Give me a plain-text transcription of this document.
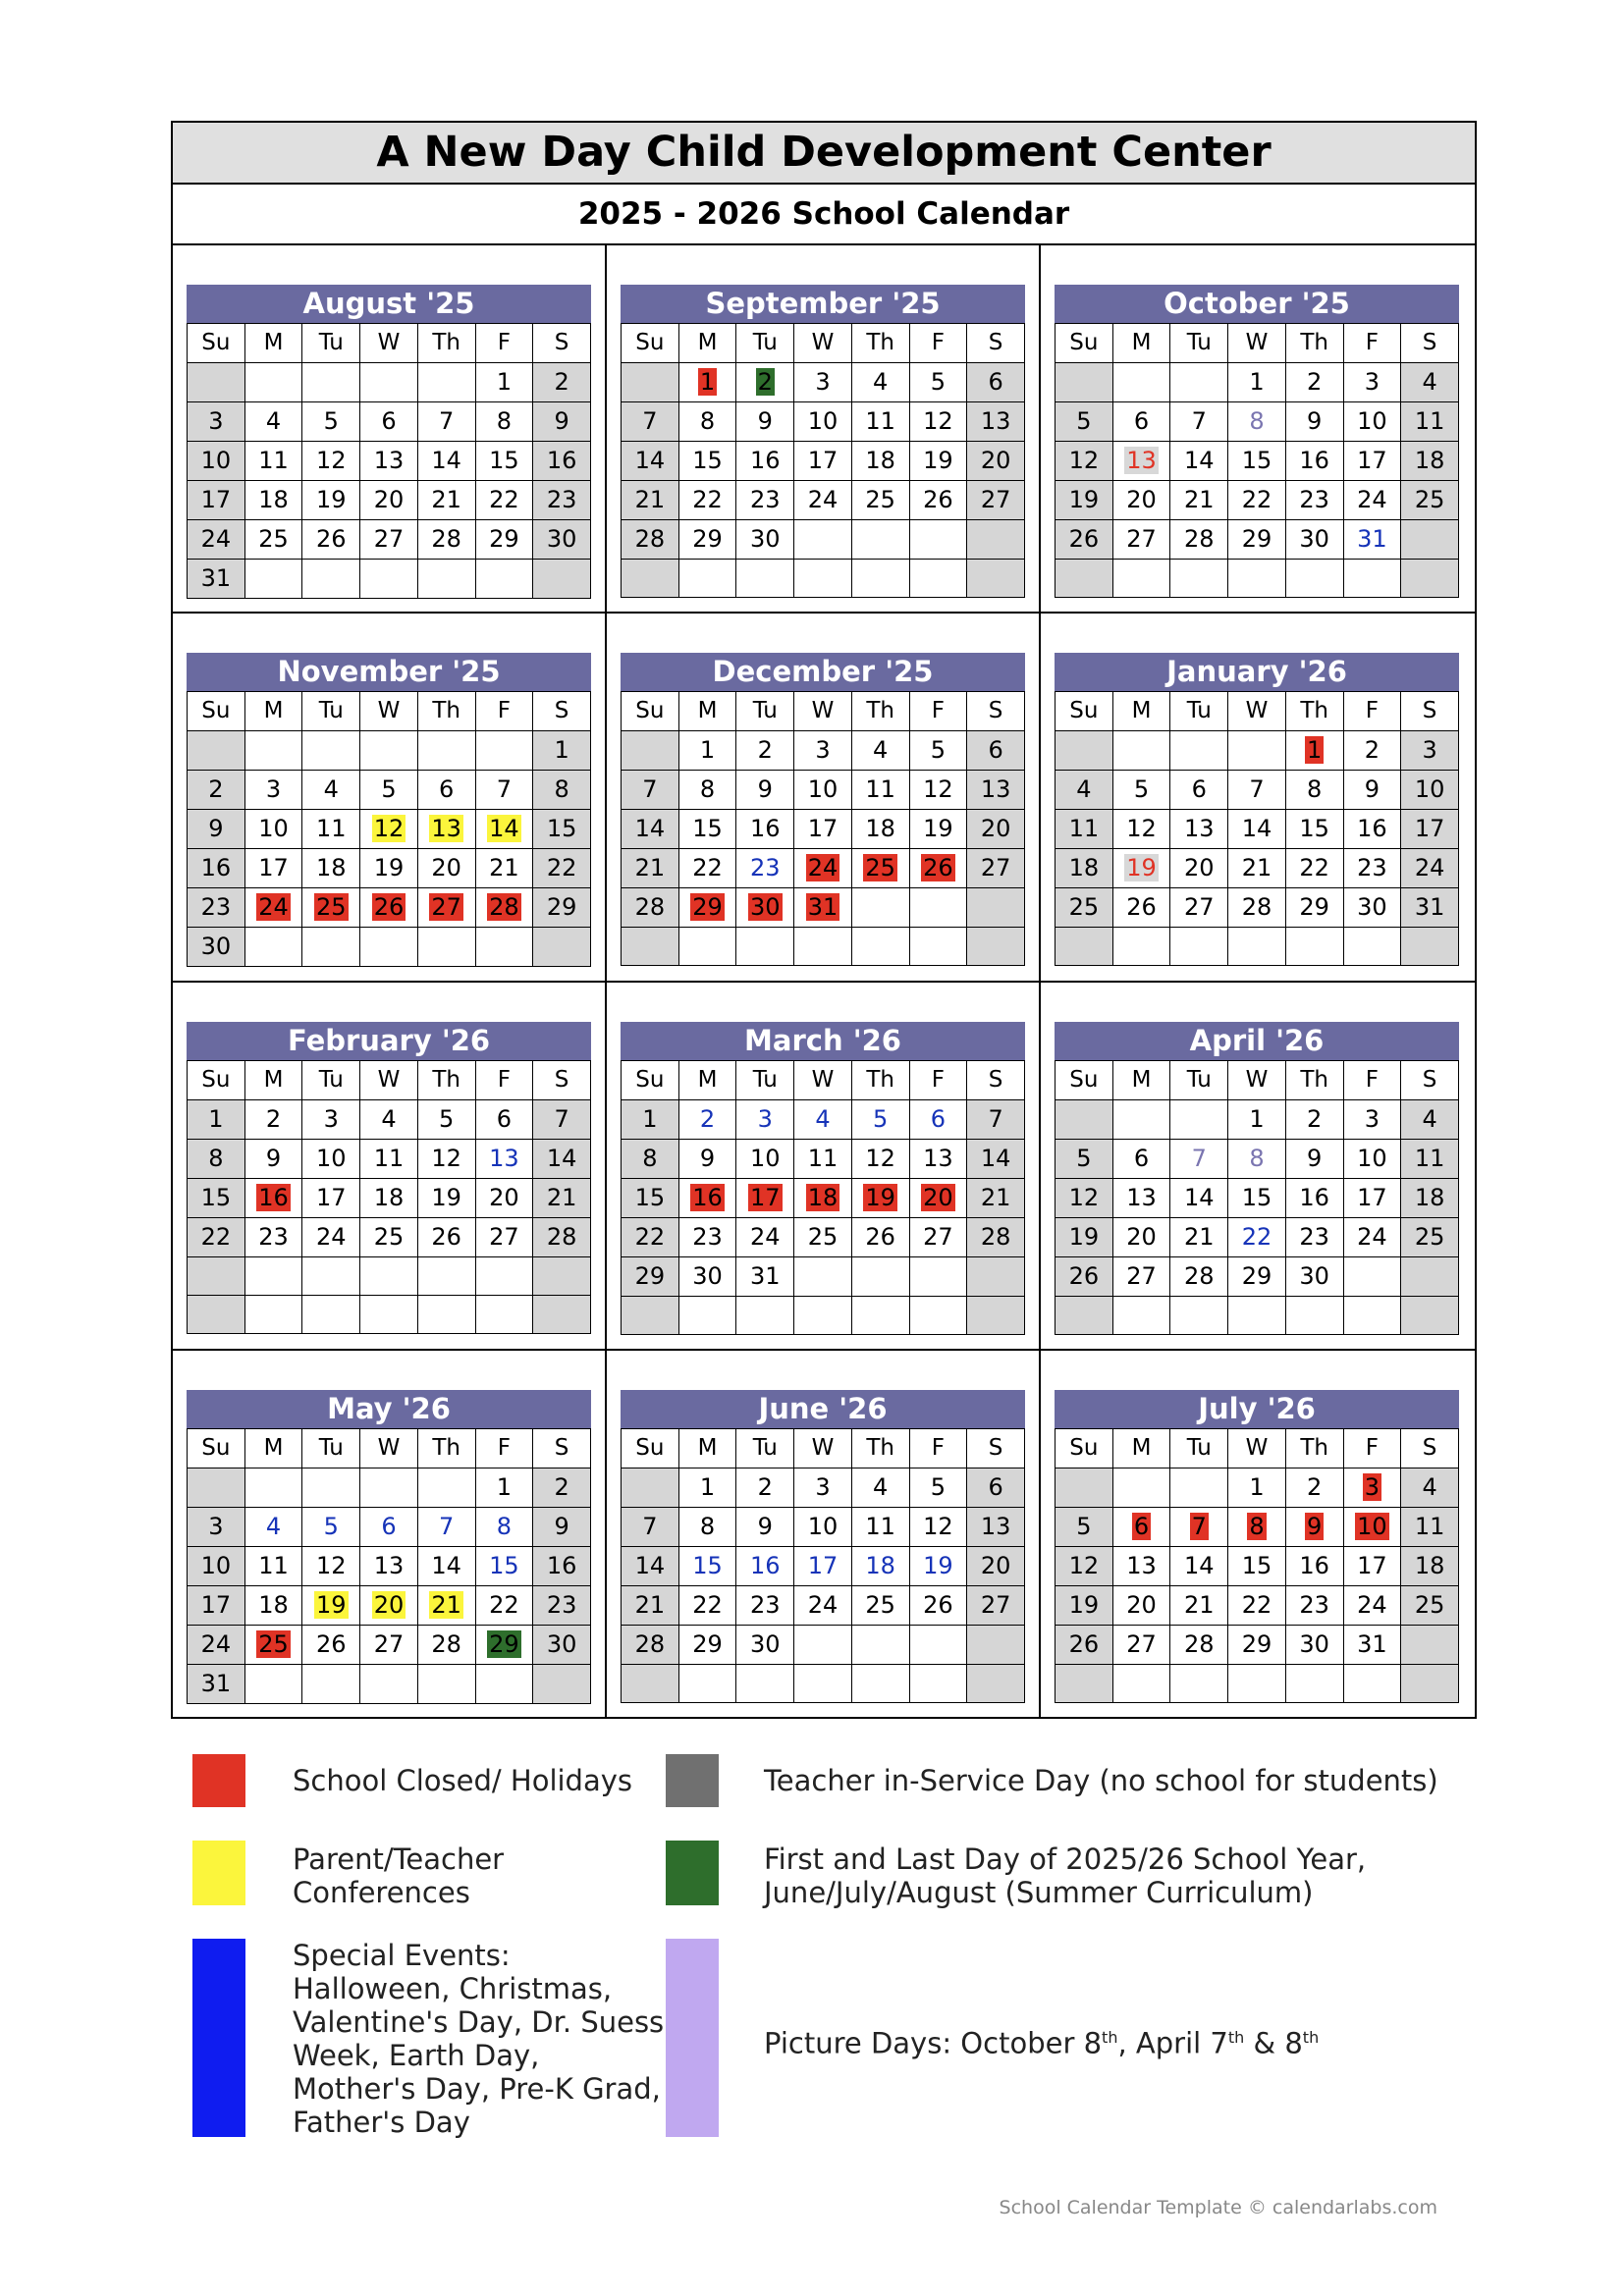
A New Day Child Development Center
2025 - 2026 School Calendar
August '25
Su	M	Tu	W	Th	F	S
					1	2
3	4	5	6	7	8	9
10	11	12	13	14	15	16
17	18	19	20	21	22	23
24	25	26	27	28	29	30
31						
September '25
Su	M	Tu	W	Th	F	S
	1	2	3	4	5	6
7	8	9	10	11	12	13
14	15	16	17	18	19	20
21	22	23	24	25	26	27
28	29	30				

October '25
Su	M	Tu	W	Th	F	S
			1	2	3	4
5	6	7	8	9	10	11
12	13	14	15	16	17	18
19	20	21	22	23	24	25
26	27	28	29	30	31	

November '25
Su	M	Tu	W	Th	F	S
						1
2	3	4	5	6	7	8
9	10	11	12	13	14	15
16	17	18	19	20	21	22
23	24	25	26	27	28	29
30						
December '25
Su	M	Tu	W	Th	F	S
	1	2	3	4	5	6
7	8	9	10	11	12	13
14	15	16	17	18	19	20
21	22	23	24	25	26	27
28	29	30	31			

January '26
Su	M	Tu	W	Th	F	S
				1	2	3
4	5	6	7	8	9	10
11	12	13	14	15	16	17
18	19	20	21	22	23	24
25	26	27	28	29	30	31

February '26
Su	M	Tu	W	Th	F	S
1	2	3	4	5	6	7
8	9	10	11	12	13	14
15	16	17	18	19	20	21
22	23	24	25	26	27	28

March '26
Su	M	Tu	W	Th	F	S
1	2	3	4	5	6	7
8	9	10	11	12	13	14
15	16	17	18	19	20	21
22	23	24	25	26	27	28
29	30	31				

April '26
Su	M	Tu	W	Th	F	S
			1	2	3	4
5	6	7	8	9	10	11
12	13	14	15	16	17	18
19	20	21	22	23	24	25
26	27	28	29	30		

May '26
Su	M	Tu	W	Th	F	S
					1	2
3	4	5	6	7	8	9
10	11	12	13	14	15	16
17	18	19	20	21	22	23
24	25	26	27	28	29	30
31						
June '26
Su	M	Tu	W	Th	F	S
	1	2	3	4	5	6
7	8	9	10	11	12	13
14	15	16	17	18	19	20
21	22	23	24	25	26	27
28	29	30				

July '26
Su	M	Tu	W	Th	F	S
			1	2	3	4
5	6	7	8	9	10	11
12	13	14	15	16	17	18
19	20	21	22	23	24	25
26	27	28	29	30	31	

School Closed/ Holidays	Teacher in-Service Day (no school for students)
Parent/Teacher
Conferences
First and Last Day of 2025/26 School Year,
June/July/August (Summer Curriculum)
Special Events:
Halloween, Christmas,
Valentine's Day, Dr. Suess
Week, Earth Day,
Mother's Day, Pre-K Grad,
Father's Day
Picture Days: October 8th, April 7th & 8th
School Calendar Template © calendarlabs.com
